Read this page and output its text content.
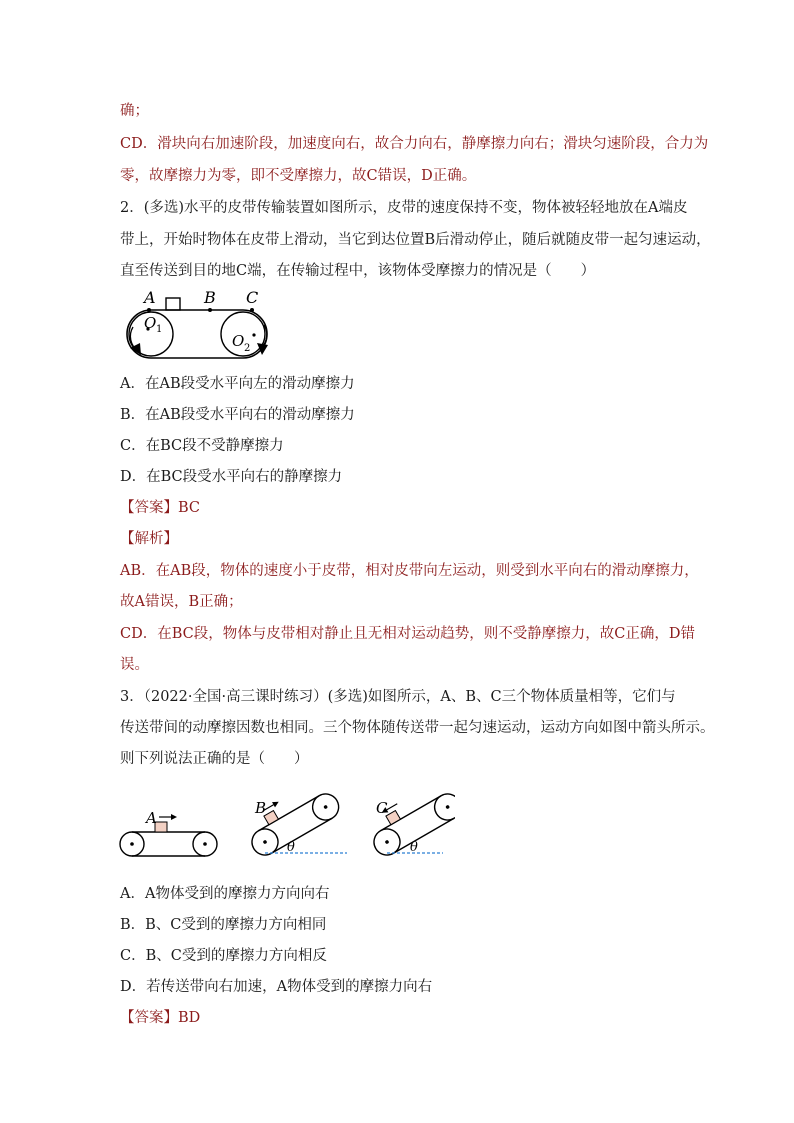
确；
CD．滑块向右加速阶段，加速度向右，故合力向右，静摩擦力向右；滑块匀速阶段，合力为
零，故摩擦力为零，即不受摩擦力，故C错误，D正确。
2．(多选)水平的皮带传输装置如图所示，皮带的速度保持不变，物体被轻轻地放在A端皮
带上，开始时物体在皮带上滑动，当它到达位置B后滑动停止，随后就随皮带一起匀速运动，
直至传送到目的地C端，在传输过程中，该物体受摩擦力的情况是（　　）
A	B C
O 1
O 2
A．在AB段受水平向左的滑动摩擦力
B．在AB段受水平向右的滑动摩擦力
C．在BC段不受静摩擦力
D．在BC段受水平向右的静摩擦力
【答案】BC
【解析】
AB．在AB段，物体的速度小于皮带，相对皮带向左运动，则受到水平向右的滑动摩擦力，
故A错误，B正确；
CD．在BC段，物体与皮带相对静止且无相对运动趋势，则不受静摩擦力，故C正确，D错
误。
3．（2022·全国·高三课时练习）(多选)如图所示，A、B、C三个物体质量相等，它们与
传送带间的动摩擦因数也相同。三个物体随传送带一起匀速运动，运动方向如图中箭头所示。
则下列说法正确的是（　　）
A
B
θ
C
θ
A．A物体受到的摩擦力方向向右
B．B、C受到的摩擦力方向相同
C．B、C受到的摩擦力方向相反
D．若传送带向右加速，A物体受到的摩擦力向右
【答案】BD
